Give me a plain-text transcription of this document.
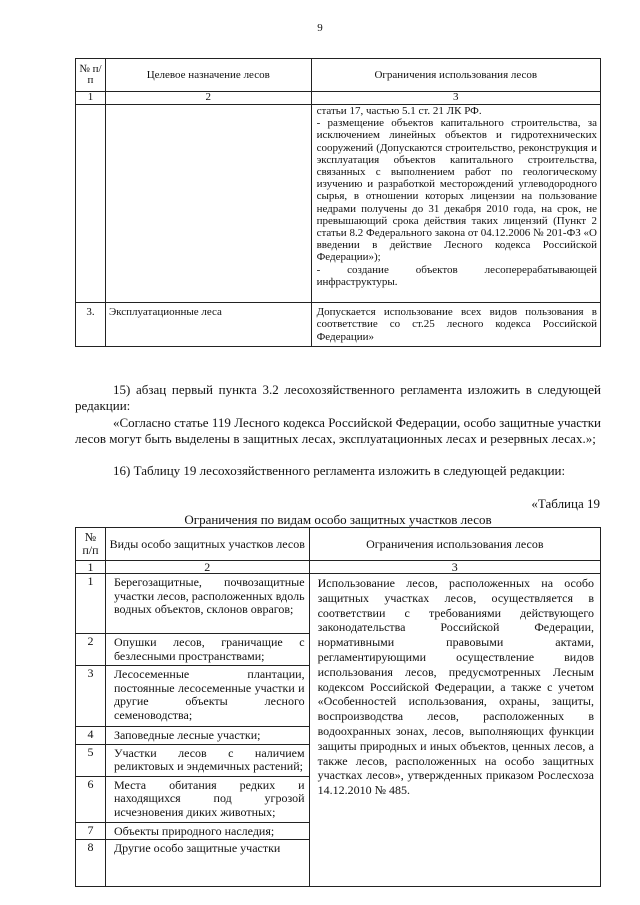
9
№ п/п	Целевое назначение лесов	Ограничения использования лесов
1	2	3
		статьи 17, частью 5.1 ст. 21 ЛК РФ.
- размещение объектов капитального строительства, за исключением линейных объектов и гидротехнических сооружений (Допускаются строительство, реконструкция и эксплуатация объектов капитального строительства, связанных с выполнением работ по геологическому изучению и разработкой месторождений углеводородного сырья, в отношении которых лицензии на пользование недрами получены до 31 декабря 2010 года, на срок, не превышающий срока действия таких лицензий (Пункт 2 статьи 8.2 Федерального закона от 04.12.2006 № 201-ФЗ «О введении в действие Лесного кодекса Российской Федерации»);
- создание объектов лесоперерабатывающей инфраструктуры.
3.	Эксплуатационные леса	Допускается использование всех видов пользования в соответствие со ст.25 лесного кодекса Российской Федерации»
15) абзац первый пункта 3.2 лесохозяйственного регламента изложить в следующей редакции:
«Согласно статье 119 Лесного кодекса Российской Федерации, особо защитные участки лесов могут быть выделены в защитных лесах, эксплуатационных лесах и резервных лесах.»;
16) Таблицу 19 лесохозяйственного регламента изложить в следующей редакции:
«Таблица 19
Ограничения по видам особо защитных участков лесов
№ п/п	Виды особо защитных участков лесов	Ограничения использования лесов
1	2	3
1	Берегозащитные, почвозащитные участки лесов, расположенных вдоль водных объектов, склонов оврагов;	Использование лесов, расположенных на особо защитных участках лесов, осуществляется в соответствии с требованиями действующего законодательства Российской Федерации, нормативными правовыми актами, регламентирующими осуществление видов использования лесов, предусмотренных Лесным кодексом Российской Федерации, а также с учетом «Особенностей использования, охраны, защиты, воспроизводства лесов, расположенных в водоохранных зонах, лесов, выполняющих функции защиты природных и иных объектов, ценных лесов, а также лесов, расположенных на особо защитных участках лесов», утвержденных приказом Рослесхоза 14.12.2010 № 485.
2	Опушки лесов, граничащие с безлесными пространствами;	
3	Лесосеменные плантации, постоянные лесосеменные участки и другие объекты лесного семеноводства;	
4	Заповедные лесные участки;	
5	Участки лесов с наличием реликтовых и эндемичных растений;	
6	Места обитания редких и находящихся под угрозой исчезновения диких животных;	
7	Объекты природного наследия;	
8	Другие особо защитные участки	
